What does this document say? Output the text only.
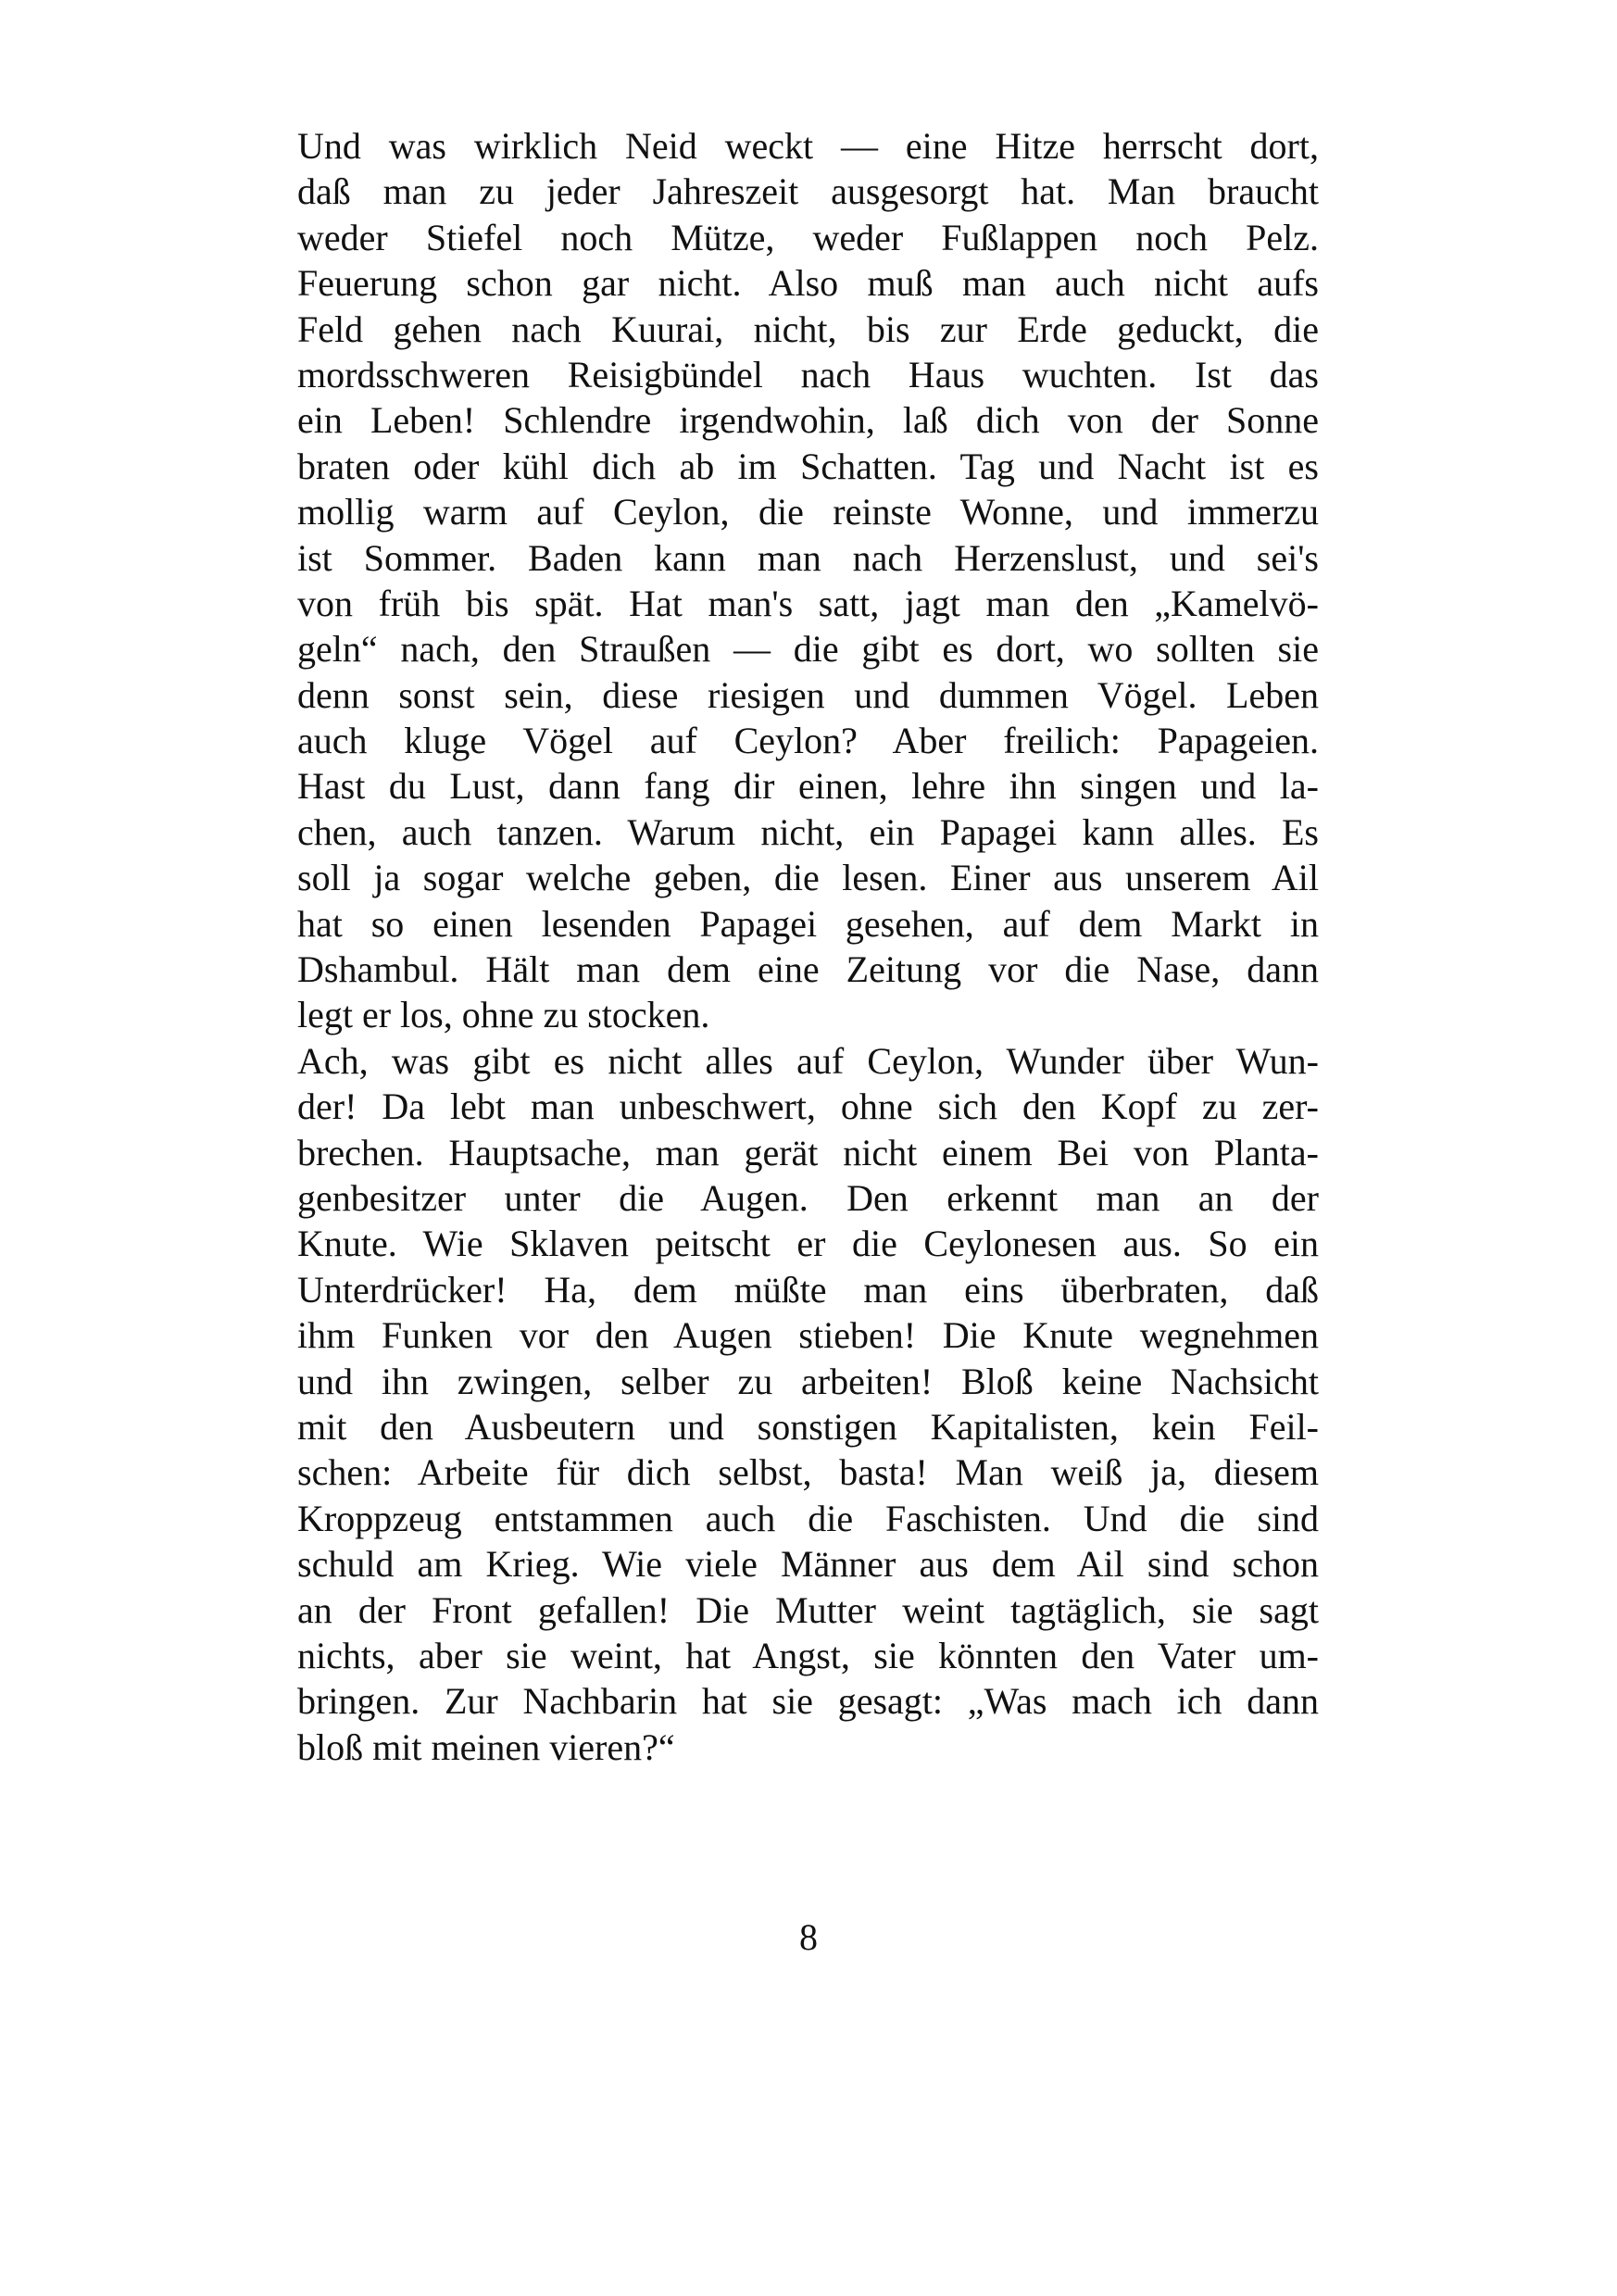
Und was wirklich Neid weckt — eine Hitze herrscht dort,
daß man zu jeder Jahreszeit ausgesorgt hat. Man braucht
weder Stiefel noch Mütze, weder Fußlappen noch Pelz.
Feuerung schon gar nicht. Also muß man auch nicht aufs
Feld gehen nach Kuurai, nicht, bis zur Erde geduckt, die
mordsschweren Reisigbündel nach Haus wuchten. Ist das
ein Leben! Schlendre irgendwohin, laß dich von der Sonne
braten oder kühl dich ab im Schatten. Tag und Nacht ist es
mollig warm auf Ceylon, die reinste Wonne, und immerzu
ist Sommer. Baden kann man nach Herzenslust, und sei's
von früh bis spät. Hat man's satt, jagt man den „Kamelvö-
geln“ nach, den Straußen — die gibt es dort, wo sollten sie
denn sonst sein, diese riesigen und dummen Vögel. Leben
auch kluge Vögel auf Ceylon? Aber freilich: Papageien.
Hast du Lust, dann fang dir einen, lehre ihn singen und la-
chen, auch tanzen. Warum nicht, ein Papagei kann alles. Es
soll ja sogar welche geben, die lesen. Einer aus unserem Ail
hat so einen lesenden Papagei gesehen, auf dem Markt in
Dshambul. Hält man dem eine Zeitung vor die Nase, dann
legt er los, ohne zu stocken.
Ach, was gibt es nicht alles auf Ceylon, Wunder über Wun-
der! Da lebt man unbeschwert, ohne sich den Kopf zu zer-
brechen. Hauptsache, man gerät nicht einem Bei von Planta-
genbesitzer unter die Augen. Den erkennt man an der
Knute. Wie Sklaven peitscht er die Ceylonesen aus. So ein
Unterdrücker! Ha, dem müßte man eins überbraten, daß
ihm Funken vor den Augen stieben! Die Knute wegnehmen
und ihn zwingen, selber zu arbeiten! Bloß keine Nachsicht
mit den Ausbeutern und sonstigen Kapitalisten, kein Feil-
schen: Arbeite für dich selbst, basta! Man weiß ja, diesem
Kroppzeug entstammen auch die Faschisten. Und die sind
schuld am Krieg. Wie viele Männer aus dem Ail sind schon
an der Front gefallen! Die Mutter weint tagtäglich, sie sagt
nichts, aber sie weint, hat Angst, sie könnten den Vater um-
bringen. Zur Nachbarin hat sie gesagt: „Was mach ich dann
bloß mit meinen vieren?“
8
